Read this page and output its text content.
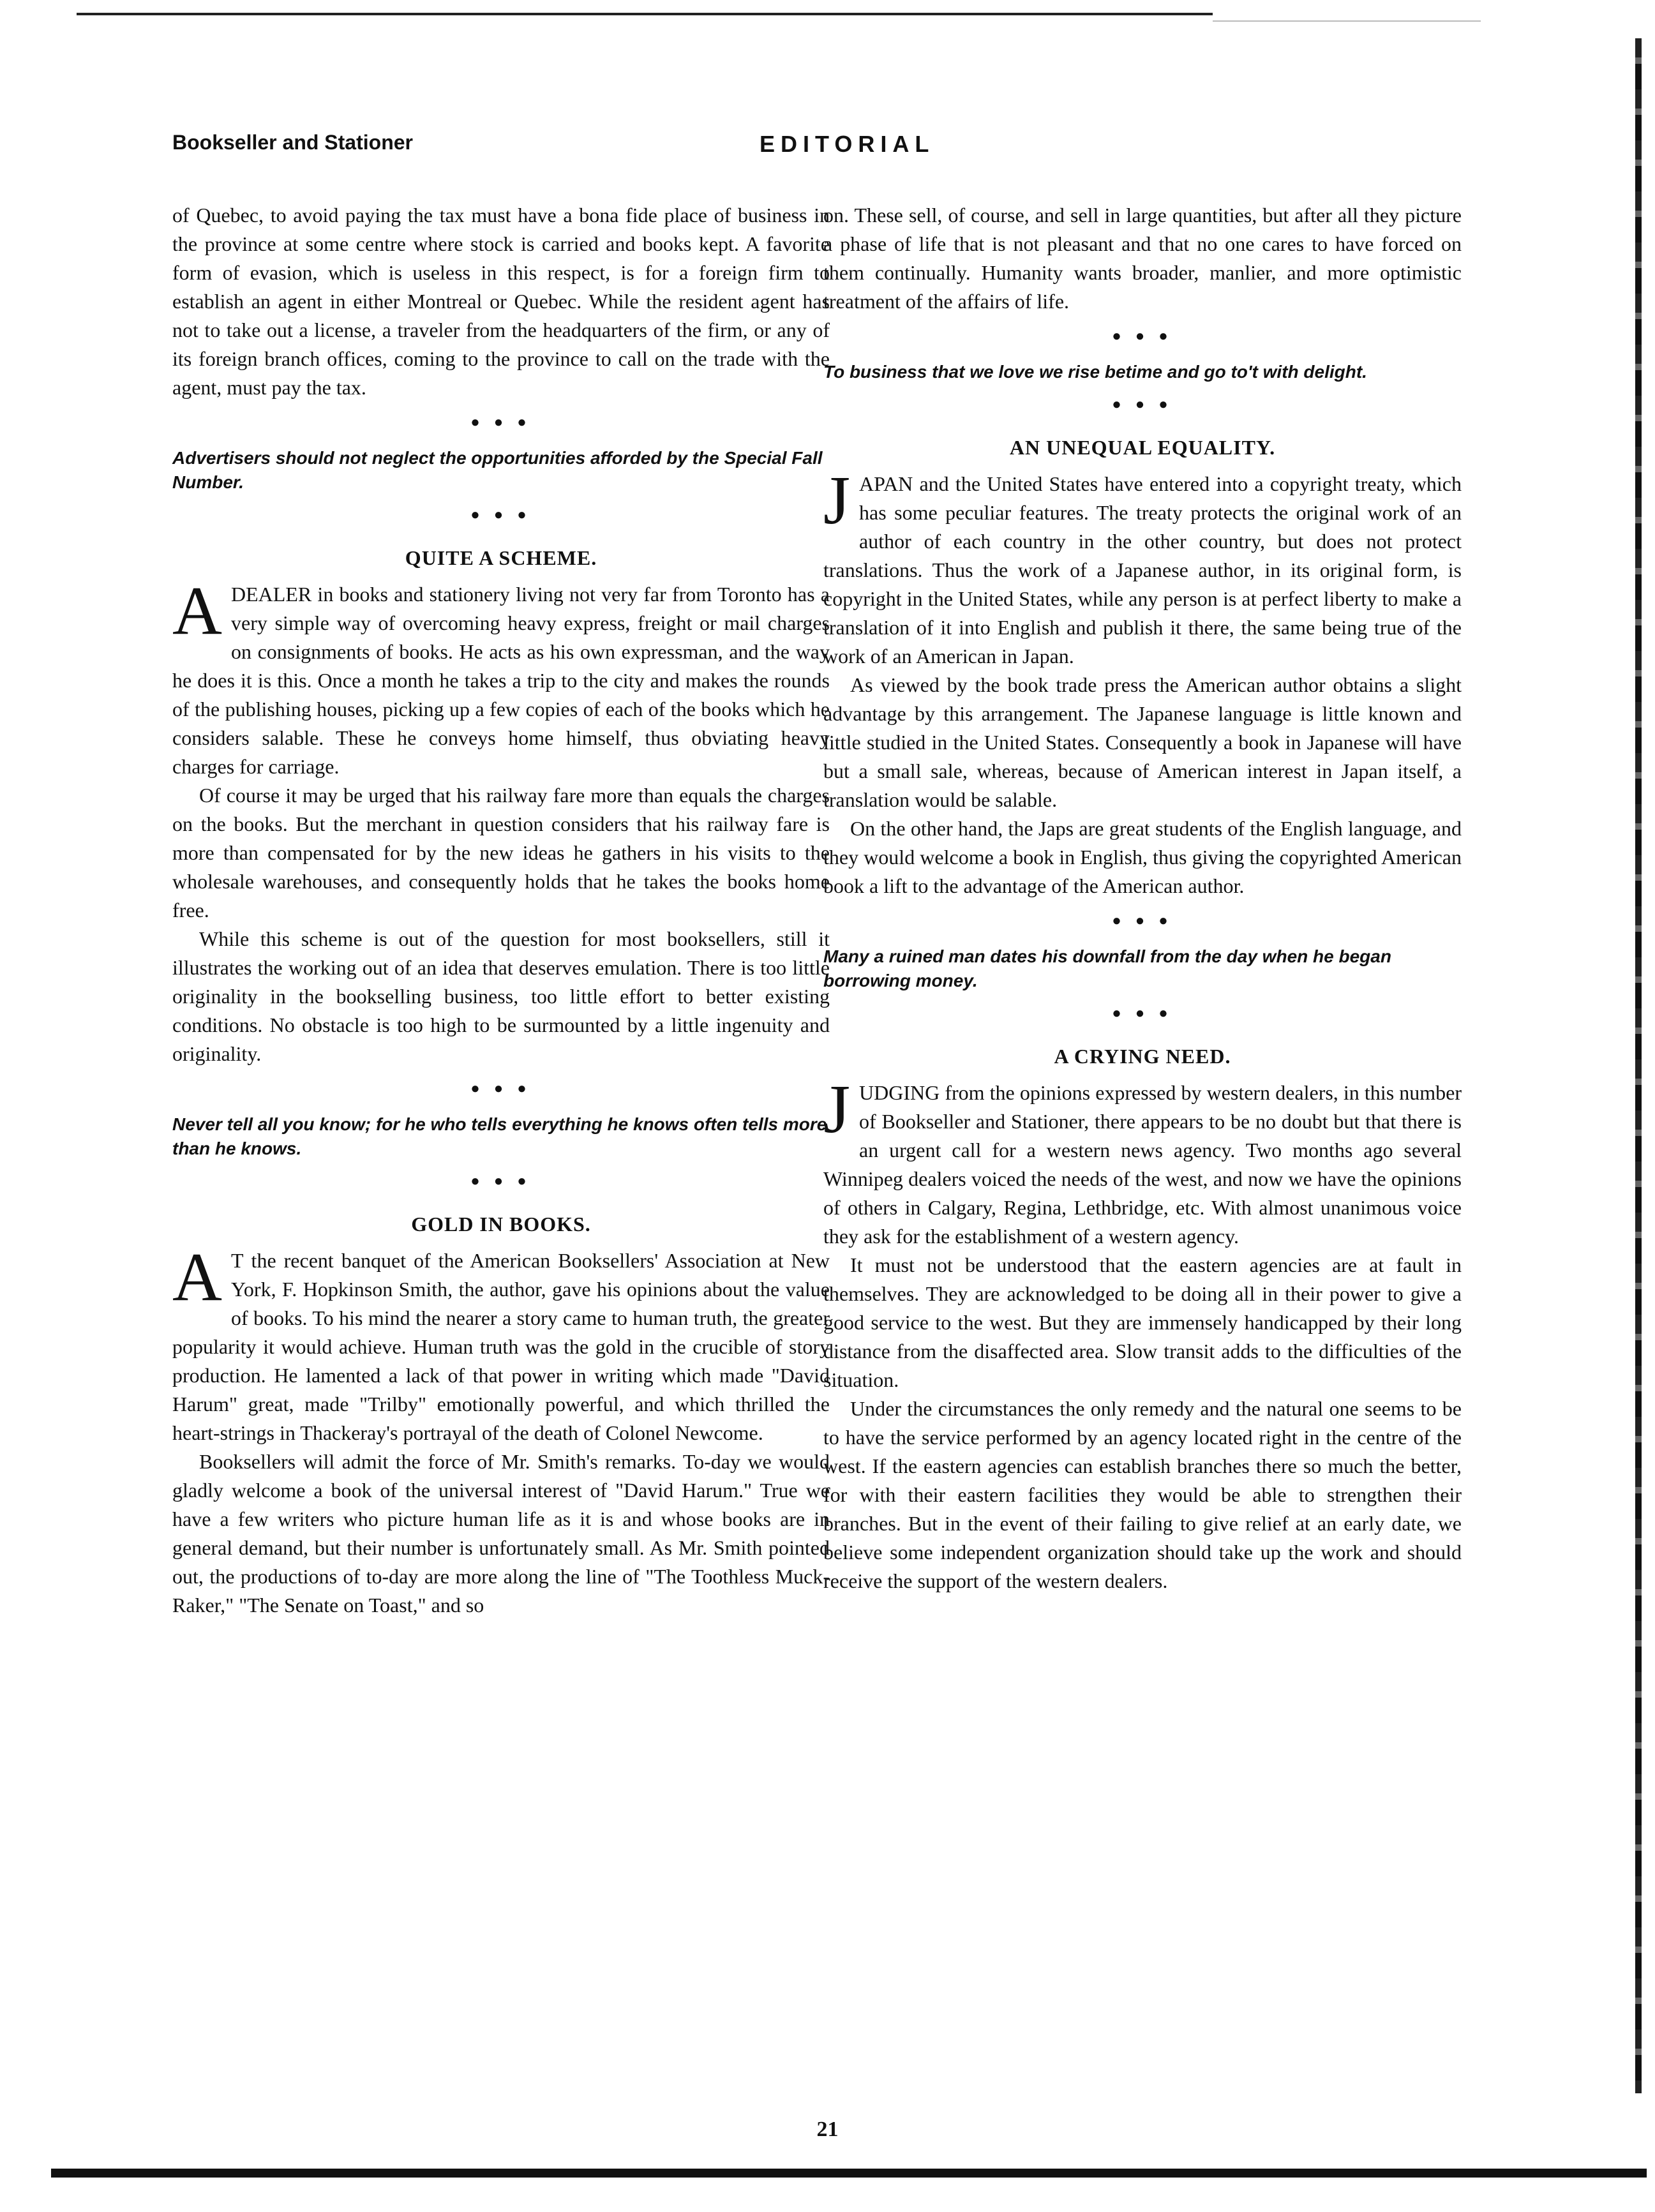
Bookseller and Stationer	EDITORIAL

of Quebec, to avoid paying the tax must have a bona fide place of business in the province at some centre where stock is carried and books kept. A favorite form of evasion, which is useless in this respect, is for a foreign firm to establish an agent in either Montreal or Quebec. While the resident agent has not to take out a license, a traveler from the headquarters of the firm, or any of its foreign branch offices, coming to the province to call on the trade with the agent, must pay the tax.

● ● ●
Advertisers should not neglect the opportunities afforded by the Special Fall Number.
● ● ●
QUITE A SCHEME.

ADEALER in books and stationery living not very far from Toronto has a very simple way of overcoming heavy express, freight or mail charges on consignments of books. He acts as his own expressman, and the way he does it is this. Once a month he takes a trip to the city and makes the rounds of the publishing houses, picking up a few copies of each of the books which he considers salable. These he conveys home himself, thus obviating heavy charges for carriage.

Of course it may be urged that his railway fare more than equals the charges on the books. But the merchant in question considers that his railway fare is more than compensated for by the new ideas he gathers in his visits to the wholesale warehouses, and consequently holds that he takes the books home free.

While this scheme is out of the question for most booksellers, still it illustrates the working out of an idea that deserves emulation. There is too little originality in the bookselling business, too little effort to better existing conditions. No obstacle is too high to be surmounted by a little ingenuity and originality.

● ● ●
Never tell all you know; for he who tells everything he knows often tells more than he knows.
● ● ●
GOLD IN BOOKS.

A T the recent banquet of the American Booksellers' Association at New York, F. Hopkinson Smith, the author, gave his opinions about the value of books. To his mind the nearer a story came to human truth, the greater popularity it would achieve. Human truth was the gold in the crucible of story production. He lamented a lack of that power in writing which made "David Harum" great, made "Trilby" emotionally powerful, and which thrilled the heart-strings in Thackeray's portrayal of the death of Colonel Newcome.

Booksellers will admit the force of Mr. Smith's remarks. To-day we would gladly welcome a book of the universal interest of "David Harum." True we have a few writers who picture human life as it is and whose books are in general demand, but their number is unfortunately small. As Mr. Smith pointed out, the productions of to-day are more along the line of "The Toothless Muck-Raker," "The Senate on Toast," and so

on. These sell, of course, and sell in large quantities, but after all they picture a phase of life that is not pleasant and that no one cares to have forced on them continually. Humanity wants broader, manlier, and more optimistic treatment of the affairs of life.

● ● ●
To business that we love we rise betime and go to't with delight.
● ● ●
AN UNEQUAL EQUALITY.

JAPAN and the United States have entered into a copyright treaty, which has some peculiar features. The treaty protects the original work of an author of each country in the other country, but does not protect translations. Thus the work of a Japanese author, in its original form, is copyright in the United States, while any person is at perfect liberty to make a translation of it into English and publish it there, the same being true of the work of an American in Japan.

As viewed by the book trade press the American author obtains a slight advantage by this arrangement. The Japanese language is little known and little studied in the United States. Consequently a book in Japanese will have but a small sale, whereas, because of American interest in Japan itself, a translation would be salable.

On the other hand, the Japs are great students of the English language, and they would welcome a book in English, thus giving the copyrighted American book a lift to the advantage of the American author.

● ● ●
Many a ruined man dates his downfall from the day when he began borrowing money.
● ● ●
A CRYING NEED.

JUDGING from the opinions expressed by western dealers, in this number of Bookseller and Stationer, there appears to be no doubt but that there is an urgent call for a western news agency. Two months ago several Winnipeg dealers voiced the needs of the west, and now we have the opinions of others in Calgary, Regina, Lethbridge, etc. With almost unanimous voice they ask for the establishment of a western agency.

It must not be understood that the eastern agencies are at fault in themselves. They are acknowledged to be doing all in their power to give a good service to the west. But they are immensely handicapped by their long distance from the disaffected area. Slow transit adds to the difficulties of the situation.

Under the circumstances the only remedy and the natural one seems to be to have the service performed by an agency located right in the centre of the west. If the eastern agencies can establish branches there so much the better, for with their eastern facilities they would be able to strengthen their branches. But in the event of their failing to give relief at an early date, we believe some independent organization should take up the work and should receive the support of the western dealers.

21
